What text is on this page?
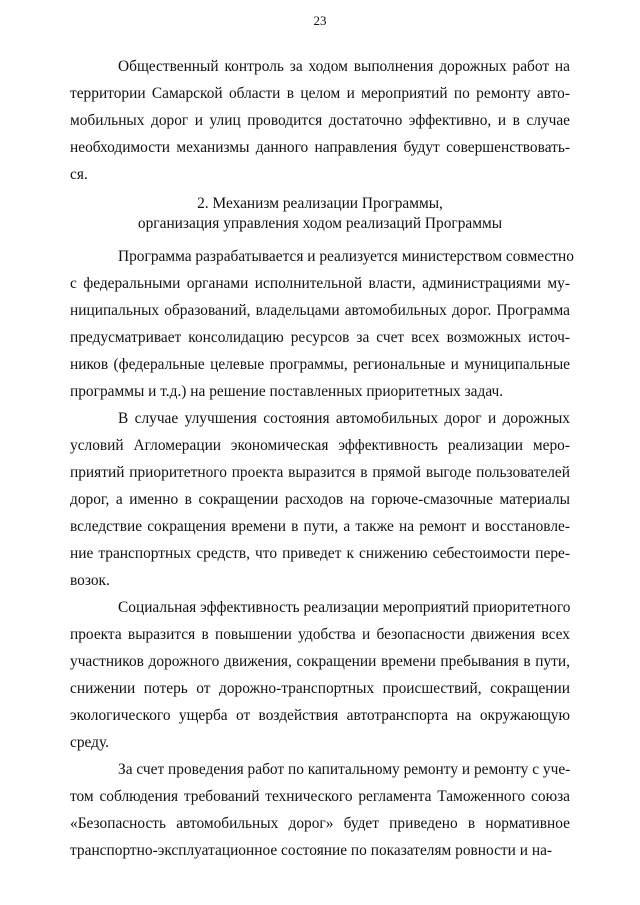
23
Общественный контроль за ходом выполнения дорожных работ на
территории Самарской области в целом и мероприятий по ремонту авто-
мобильных дорог и улиц проводится достаточно эффективно, и в случае
необходимости механизмы данного направления будут совершенствовать-
ся.
2. Механизм реализации Программы,
организация управления ходом реализаций Программы
Программа разрабатывается и реализуется министерством совместно
с федеральными органами исполнительной власти, администрациями му-
ниципальных образований, владельцами автомобильных дорог. Программа
предусматривает консолидацию ресурсов за счет всех возможных источ-
ников (федеральные целевые программы, региональные и муниципальные
программы и т.д.) на решение поставленных приоритетных задач.
В случае улучшения состояния автомобильных дорог и дорожных
условий Агломерации экономическая эффективность реализации меро-
приятий приоритетного проекта выразится в прямой выгоде пользователей
дорог, а именно в сокращении расходов на горюче-смазочные материалы
вследствие сокращения времени в пути, а также на ремонт и восстановле-
ние транспортных средств, что приведет к снижению себестоимости пере-
возок.
Социальная эффективность реализации мероприятий приоритетного
проекта выразится в повышении удобства и безопасности движения всех
участников дорожного движения, сокращении времени пребывания в пути,
снижении потерь от дорожно-транспортных происшествий, сокращении
экологического ущерба от воздействия автотранспорта на окружающую
среду.
За счет проведения работ по капитальному ремонту и ремонту с уче-
том соблюдения требований технического регламента Таможенного союза
«Безопасность автомобильных дорог» будет приведено в нормативное
транспортно-эксплуатационное состояние по показателям ровности и на-
